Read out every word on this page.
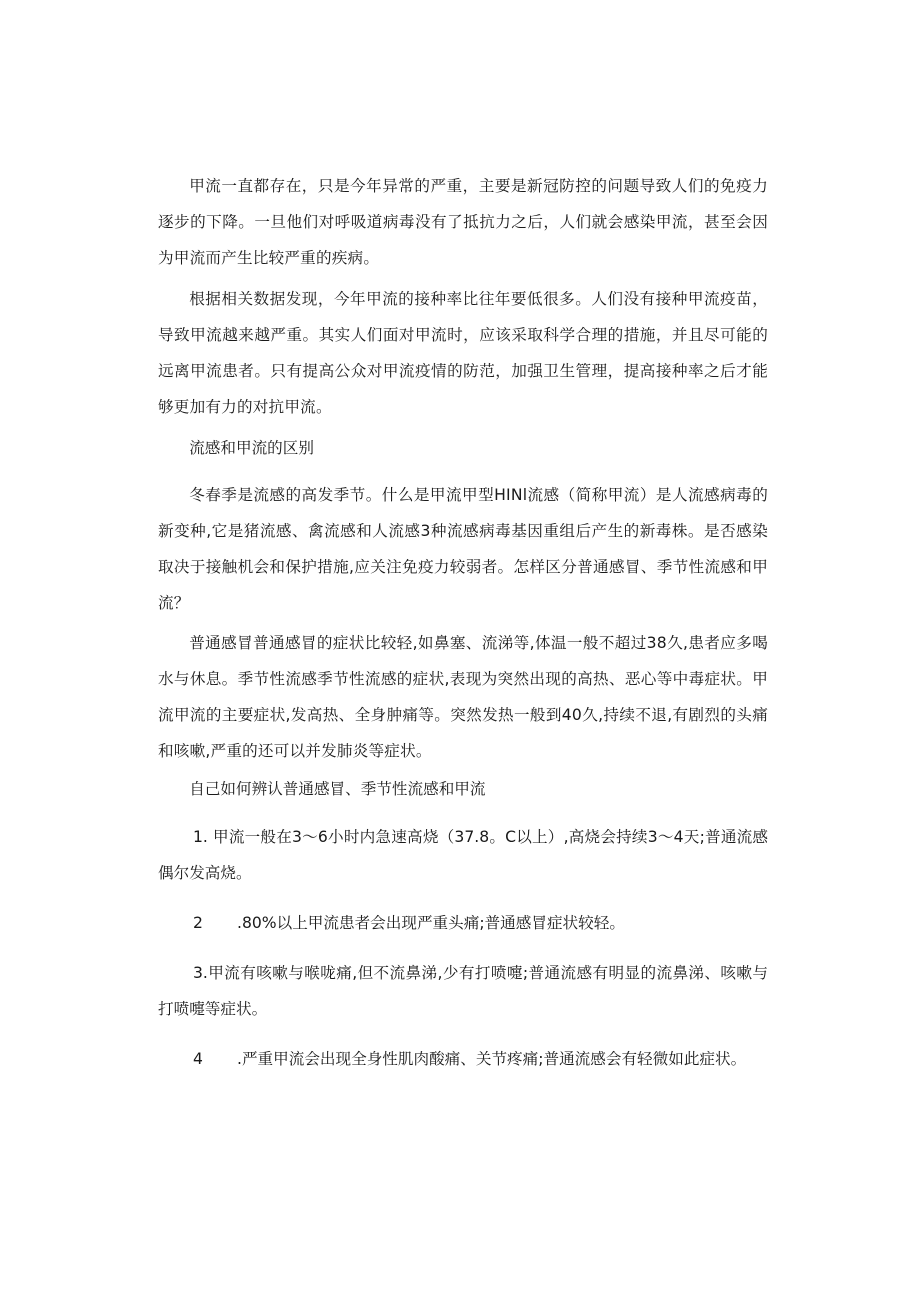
甲流一直都存在，只是今年异常的严重，主要是新冠防控的问题导致人们的免疫力逐步的下降。一旦他们对呼吸道病毒没有了抵抗力之后，人们就会感染甲流，甚至会因为甲流而产生比较严重的疾病。

根据相关数据发现，今年甲流的接种率比往年要低很多。人们没有接种甲流疫苗，导致甲流越来越严重。其实人们面对甲流时，应该采取科学合理的措施，并且尽可能的远离甲流患者。只有提高公众对甲流疫情的防范，加强卫生管理，提高接种率之后才能够更加有力的对抗甲流。

流感和甲流的区别

冬春季是流感的高发季节。什么是甲流甲型HINl流感（简称甲流）是人流感病毒的新变种,它是猪流感、禽流感和人流感3种流感病毒基因重组后产生的新毒株。是否感染取决于接触机会和保护措施,应关注免疫力较弱者。怎样区分普通感冒、季节性流感和甲流？

普通感冒普通感冒的症状比较轻,如鼻塞、流涕等,体温一般不超过38久,患者应多喝水与休息。季节性流感季节性流感的症状,表现为突然出现的高热、恶心等中毒症状。甲流甲流的主要症状,发高热、全身肿痛等。突然发热一般到40久,持续不退,有剧烈的头痛和咳嗽,严重的还可以并发肺炎等症状。

自己如何辨认普通感冒、季节性流感和甲流

1. 甲流一般在3～6小时内急速高烧（37.8。C以上）,高烧会持续3～4天;普通流感偶尔发高烧。

2 .80%以上甲流患者会出现严重头痛;普通感冒症状较轻。

3.甲流有咳嗽与喉咙痛,但不流鼻涕,少有打喷嚏;普通流感有明显的流鼻涕、咳嗽与打喷嚏等症状。

4 .严重甲流会出现全身性肌肉酸痛、关节疼痛;普通流感会有轻微如此症状。
